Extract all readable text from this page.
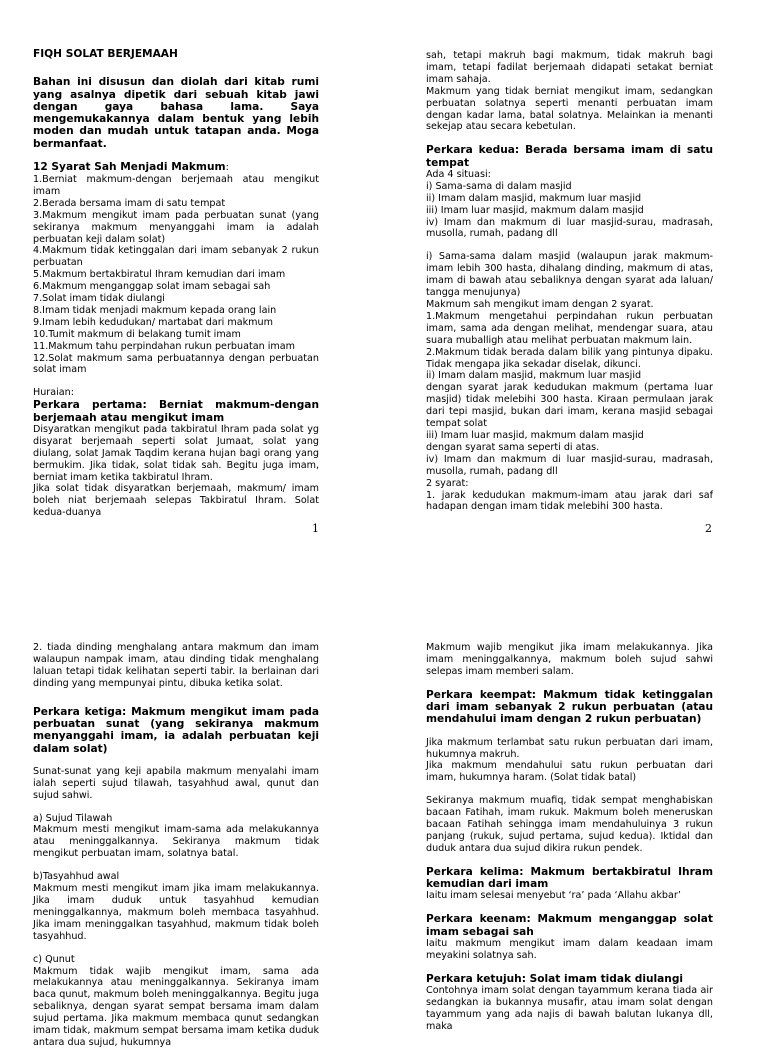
FIQH SOLAT BERJEMAAH

Bahan ini disusun dan diolah dari kitab rumi yang asalnya dipetik dari sebuah kitab jawi dengan gaya bahasa lama. Saya mengemukakannya dalam bentuk yang lebih moden dan mudah untuk tatapan anda. Moga bermanfaat.

12 Syarat Sah Menjadi Makmum:

1.Berniat makmum-dengan berjemaah atau mengikut imam

2.Berada bersama imam di satu tempat

3.Makmum mengikut imam pada perbuatan sunat (yang sekiranya makmum menyanggahi imam ia adalah perbuatan keji dalam solat)

4.Makmum tidak ketinggalan dari imam sebanyak 2 rukun perbuatan

5.Makmum bertakbiratul Ihram kemudian dari imam

6.Makmum menganggap solat imam sebagai sah

7.Solat imam tidak diulangi

8.Imam tidak menjadi makmum kepada orang lain

9.Imam lebih kedudukan/ martabat dari makmum

10.Tumit makmum di belakang tumit imam

11.Makmum tahu perpindahan rukun perbuatan imam

12.Solat makmum sama perbuatannya dengan perbuatan solat imam

Huraian:

Perkara pertama: Berniat makmum-dengan berjemaah atau mengikut imam

Disyaratkan mengikut pada takbiratul Ihram pada solat yg disyarat berjemaah seperti solat Jumaat, solat yang diulang, solat Jamak Taqdim kerana hujan bagi orang yang bermukim. Jika tidak, solat tidak sah. Begitu juga imam, berniat imam ketika takbiratul Ihram.

Jika solat tidak disyaratkan berjemaah, makmum/ imam boleh niat berjemaah selepas Takbiratul Ihram. Solat kedua-duanya

1

sah, tetapi makruh bagi makmum, tidak makruh bagi imam, tetapi fadilat berjemaah didapati setakat berniat imam sahaja.

Makmum yang tidak berniat mengikut imam, sedangkan perbuatan solatnya seperti menanti perbuatan imam dengan kadar lama, batal solatnya. Melainkan ia menanti sekejap atau secara kebetulan.

Perkara kedua: Berada bersama imam di satu tempat

Ada 4 situasi:

i) Sama-sama di dalam masjid

ii) Imam dalam masjid, makmum luar masjid

iii) Imam luar masjid, makmum dalam masjid

iv) Imam dan makmum di luar masjid-surau, madrasah, musolla, rumah, padang dll

i) Sama-sama dalam masjid (walaupun jarak makmum-imam lebih 300 hasta, dihalang dinding, makmum di atas, imam di bawah atau sebaliknya dengan syarat ada laluan/ tangga menujunya)

Makmum sah mengikut imam dengan 2 syarat.

1.Makmum mengetahui perpindahan rukun perbuatan imam, sama ada dengan melihat, mendengar suara, atau suara muballigh atau melihat perbuatan makmum lain.

2.Makmum tidak berada dalam bilik yang pintunya dipaku. Tidak mengapa jika sekadar diselak, dikunci.

ii) Imam dalam masjid, makmum luar masjid

dengan syarat jarak kedudukan makmum (pertama luar masjid) tidak melebihi 300 hasta. Kiraan permulaan jarak dari tepi masjid, bukan dari imam, kerana masjid sebagai tempat solat

iii) Imam luar masjid, makmum dalam masjid

dengan syarat sama seperti di atas.

iv) Imam dan makmum di luar masjid-surau, madrasah, musolla, rumah, padang dll

2 syarat:

1. jarak kedudukan makmum-imam atau jarak dari saf hadapan dengan imam tidak melebihi 300 hasta.

2

2. tiada dinding menghalang antara makmum dan imam walaupun nampak imam, atau dinding tidak menghalang laluan tetapi tidak kelihatan seperti tabir. Ia berlainan dari dinding yang mempunyai pintu, dibuka ketika solat.

Perkara ketiga: Makmum mengikut imam pada perbuatan sunat (yang sekiranya makmum menyanggahi imam, ia adalah perbuatan keji dalam solat)

Sunat-sunat yang keji apabila makmum menyalahi imam ialah seperti sujud tilawah, tasyahhud awal, qunut dan sujud sahwi.

a) Sujud Tilawah

Makmum mesti mengikut imam-sama ada melakukannya atau meninggalkannya. Sekiranya makmum tidak mengikut perbuatan imam, solatnya batal.

b)Tasyahhud awal

Makmum mesti mengikut imam jika imam melakukannya. Jika imam duduk untuk tasyahhud kemudian meninggalkannya, makmum boleh membaca tasyahhud. Jika imam meninggalkan tasyahhud, makmum tidak boleh tasyahhud.

c) Qunut

Makmum tidak wajib mengikut imam, sama ada melakukannya atau meninggalkannya. Sekiranya imam baca qunut, makmum boleh meninggalkannya. Begitu juga sebaliknya, dengan syarat sempat bersama imam dalam sujud pertama. Jika makmum membaca qunut sedangkan imam tidak, makmum sempat bersama imam ketika duduk antara dua sujud, hukumnya

Makmum wajib mengikut jika imam melakukannya. Jika imam meninggalkannya, makmum boleh sujud sahwi selepas imam memberi salam.

Perkara keempat: Makmum tidak ketinggalan dari imam sebanyak 2 rukun perbuatan (atau mendahului imam dengan 2 rukun perbuatan)

Jika makmum terlambat satu rukun perbuatan dari imam, hukumnya makruh.

Jika makmum mendahului satu rukun perbuatan dari imam, hukumnya haram. (Solat tidak batal)

Sekiranya makmum muafiq, tidak sempat menghabiskan bacaan Fatihah, imam rukuk. Makmum boleh meneruskan bacaan Fatihah sehingga imam mendahuluinya 3 rukun panjang (rukuk, sujud pertama, sujud kedua). Iktidal dan duduk antara dua sujud dikira rukun pendek.

Perkara kelima: Makmum bertakbiratul Ihram kemudian dari imam

Iaitu imam selesai menyebut ‘ra’ pada ‘Allahu akbar’

Perkara keenam: Makmum menganggap solat imam sebagai sah

Iaitu makmum mengikut imam dalam keadaan imam meyakini solatnya sah.

Perkara ketujuh: Solat imam tidak diulangi

Contohnya imam solat dengan tayammum kerana tiada air sedangkan ia bukannya musafir, atau imam solat dengan tayammum yang ada najis di bawah balutan lukanya dll, maka
